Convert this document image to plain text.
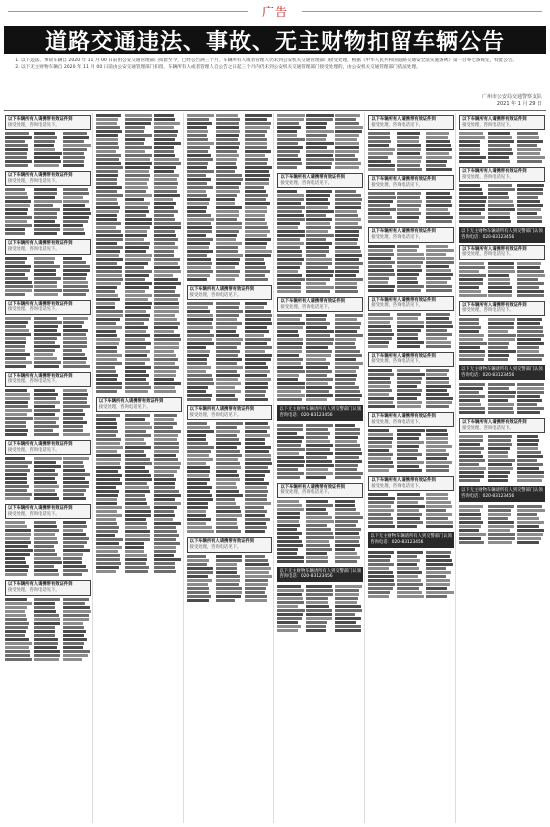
广告
道路交通违法、事故、无主财物扣留车辆公告

1. 以下违法、事故车辆自 2020 年 11 月 00 日前由公安交通管理部门扣留至今，已经公告满三个月，车辆所有人或者管理人仍未到公安机关交通管理部门接受处理，根据《中华人民共和国道路交通安全法实施条例》第一百零七条规定，特此公告。

2. 以下无主财物车辆自 2020 年 11 月 00 日前由公安交通管理部门扣留，车辆所有人或者管理人自公告之日起三个月内仍未到公安机关交通管理部门接受处理的，由公安机关交通管理部门依法处理。

广州市公安局交通警察支队
2021 年 1 月 29 日
以下车辆所有人请携带有效证件到
接受处理，咨询电话见下。
以下车辆所有人请携带有效证件到
接受处理，咨询电话见下。
以下车辆所有人请携带有效证件到
接受处理，咨询电话见下。
以下车辆所有人请携带有效证件到
接受处理，咨询电话见下。
以下车辆所有人请携带有效证件到
接受处理，咨询电话见下。
以下车辆所有人请携带有效证件到
接受处理，咨询电话见下。
以下车辆所有人请携带有效证件到
接受处理，咨询电话见下。
以下车辆所有人请携带有效证件到
接受处理，咨询电话见下。
以下车辆所有人请携带有效证件到
接受处理，咨询电话见下。
以下车辆所有人请携带有效证件到
接受处理，咨询电话见下。
以下车辆所有人请携带有效证件到
接受处理，咨询电话见下。
以下车辆所有人请携带有效证件到
接受处理，咨询电话见下。
以下车辆所有人请携带有效证件到
接受处理，咨询电话见下。
以下车辆所有人请携带有效证件到
接受处理，咨询电话见下。
以下无主财物车辆请所有人到交警部门认领
咨询电话：020-83123456
以下车辆所有人请携带有效证件到
接受处理，咨询电话见下。
以下无主财物车辆请所有人到交警部门认领
咨询电话：020-83123456
以下车辆所有人请携带有效证件到
接受处理，咨询电话见下。
以下车辆所有人请携带有效证件到
接受处理，咨询电话见下。
以下车辆所有人请携带有效证件到
接受处理，咨询电话见下。
以下车辆所有人请携带有效证件到
接受处理，咨询电话见下。
以下车辆所有人请携带有效证件到
接受处理，咨询电话见下。
以下车辆所有人请携带有效证件到
接受处理，咨询电话见下。
以下车辆所有人请携带有效证件到
接受处理，咨询电话见下。
以下无主财物车辆请所有人到交警部门认领
咨询电话：020-83123456
以下车辆所有人请携带有效证件到
接受处理，咨询电话见下。
以下车辆所有人请携带有效证件到
接受处理，咨询电话见下。
以下无主财物车辆请所有人到交警部门认领
咨询电话：020-83123456
以下车辆所有人请携带有效证件到
接受处理，咨询电话见下。
以下车辆所有人请携带有效证件到
接受处理，咨询电话见下。
以下无主财物车辆请所有人到交警部门认领
咨询电话：020-83123456
以下车辆所有人请携带有效证件到
接受处理，咨询电话见下。
以下无主财物车辆请所有人到交警部门认领
咨询电话：020-83123456
